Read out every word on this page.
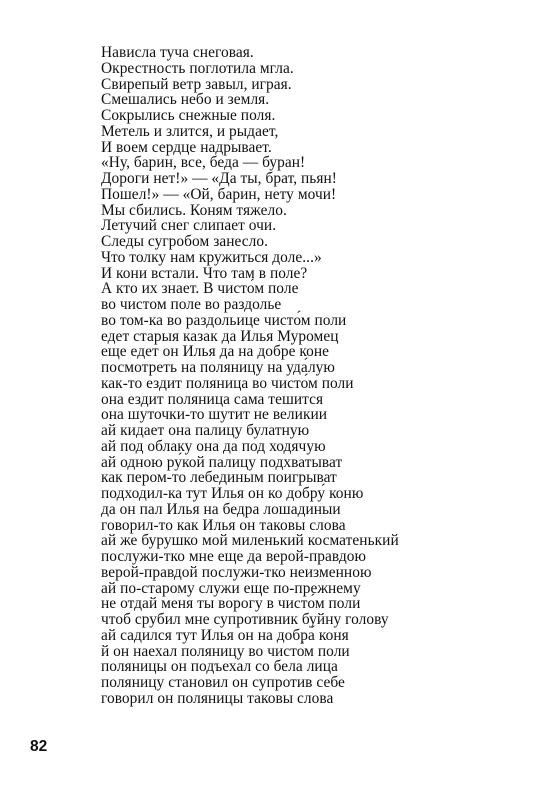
Нависла туча снеговая.
Окрестность поглотила мгла.
Свирепый ветр завыл, играя.
Смешались небо и земля.
Сокрылись снежные поля.
Метель и злится, и рыдает,
И воем сердце надрывает.
«Ну, барин, все, беда — буран!
Дороги нет!» — «Да ты, брат, пьян!
Пошел!» — «Ой, барин, нету мочи!
Мы сбились. Коням тяжело.
Летучий снег слипает очи.
Следы сугробом занесло.
Что толку нам кружиться доле...»
И кони встали. Что там в поле?
А кто их знает. В чисто́м поле
во чистом поле во раздолье
во том-ка во раздольице чисто́м поли
едет старыя казак да Илья Муромец
еще едет он Илья да на добре коне
посмотреть на поляницу на уда́лую
как-то ездит поляница во чисто́м поли
она ездит поляница сама тешится
она шуточки-то шутит не великии
ай кидает она палицу булатную
ай под облаку она да под ходячую
ай одною ру́кой палицу подхватыват
как пером-то лебединым поигрыват
подходил-ка тут Илья он ко добру́ коню
да он пал Илья на бедра лошадиныи
говорил-то как Илья он таковы слова
ай же бурушко мой миленький косматенький
послужи-тко мне еще да верой-правдою
верой-правдой послужи-тко неизменною
ай по-старому служи еще по-прежнему
не отдай меня ты ворогу в чисто́м поли
чтоб срубил мне супротивник буйну голову
ай садился тут Илья он на добра́ коня
й он наехал поляницу во чисто́м поли
поляницы он подъехал со бела лица
поляницу становил он супротив себе
говорил он поляницы таковы слова
82
